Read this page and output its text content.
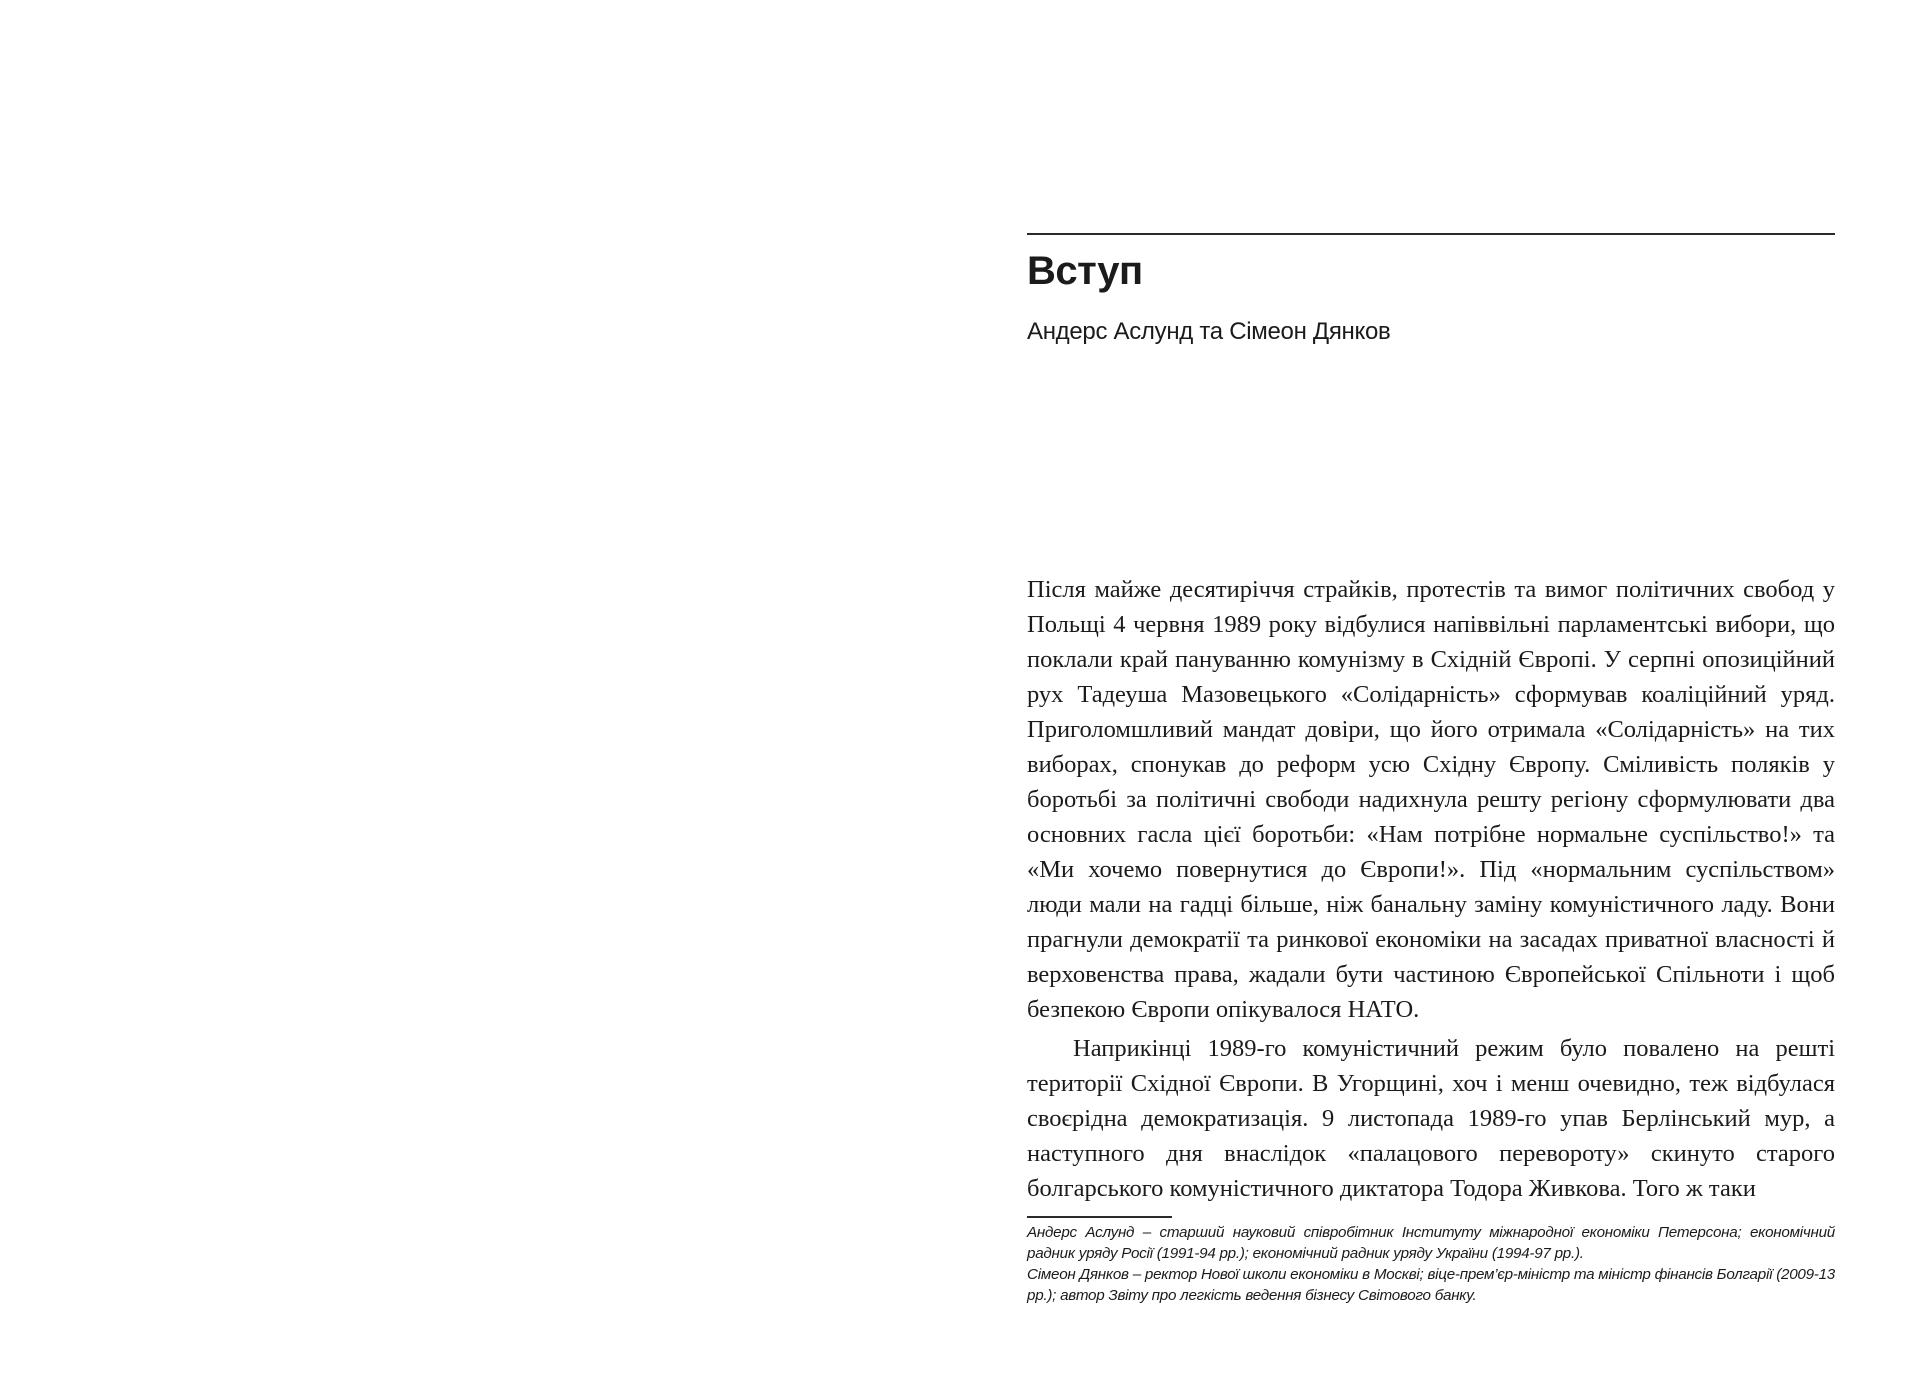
Вступ
Андерс Аслунд та Сімеон Дянков

Після майже десятиріччя страйків, протестів та вимог політичних свобод у Польщі 4 червня 1989 року відбулися напіввільні парламентські вибори, що поклали край пануванню комунізму в Східній Європі. У серпні опозиційний рух Тадеуша Мазовецького «Солідарність» сформував коаліційний уряд. Приголомшливий мандат довіри, що його отримала «Солідарність» на тих виборах, спонукав до реформ усю Східну Європу. Сміливість поляків у боротьбі за політичні свободи надихнула решту регіону сформулювати два основних гасла цієї боротьби: «Нам потрібне нормальне суспільство!» та «Ми хочемо повернутися до Європи!». Під «нормальним суспільством» люди мали на гадці більше, ніж банальну заміну комуністичного ладу. Вони прагнули демократії та ринкової економіки на засадах приватної власності й верховенства права, жадали бути частиною Європейської Спільноти і щоб безпекою Європи опікувалося НАТО.

Наприкінці 1989-го комуністичний режим було повалено на решті території Східної Європи. В Угорщині, хоч і менш очевидно, теж відбулася своєрідна демократизація. 9 листопада 1989-го упав Берлінський мур, а наступного дня внаслідок «палацового перевороту» скинуто старого болгарського комуністичного диктатора Тодора Живкова. Того ж таки

Андерс Аслунд – старший науковий співробітник Інституту міжнародної економіки Петерсона; економічний радник уряду Росії (1991-94 рр.); економічний радник уряду України (1994-97 рр.).

Сімеон Дянков – ректор Нової школи економіки в Москві; віце-прем’єр-міністр та міністр фінансів Болгарії (2009-13 рр.); автор Звіту про легкість ведення бізнесу Світового банку.
